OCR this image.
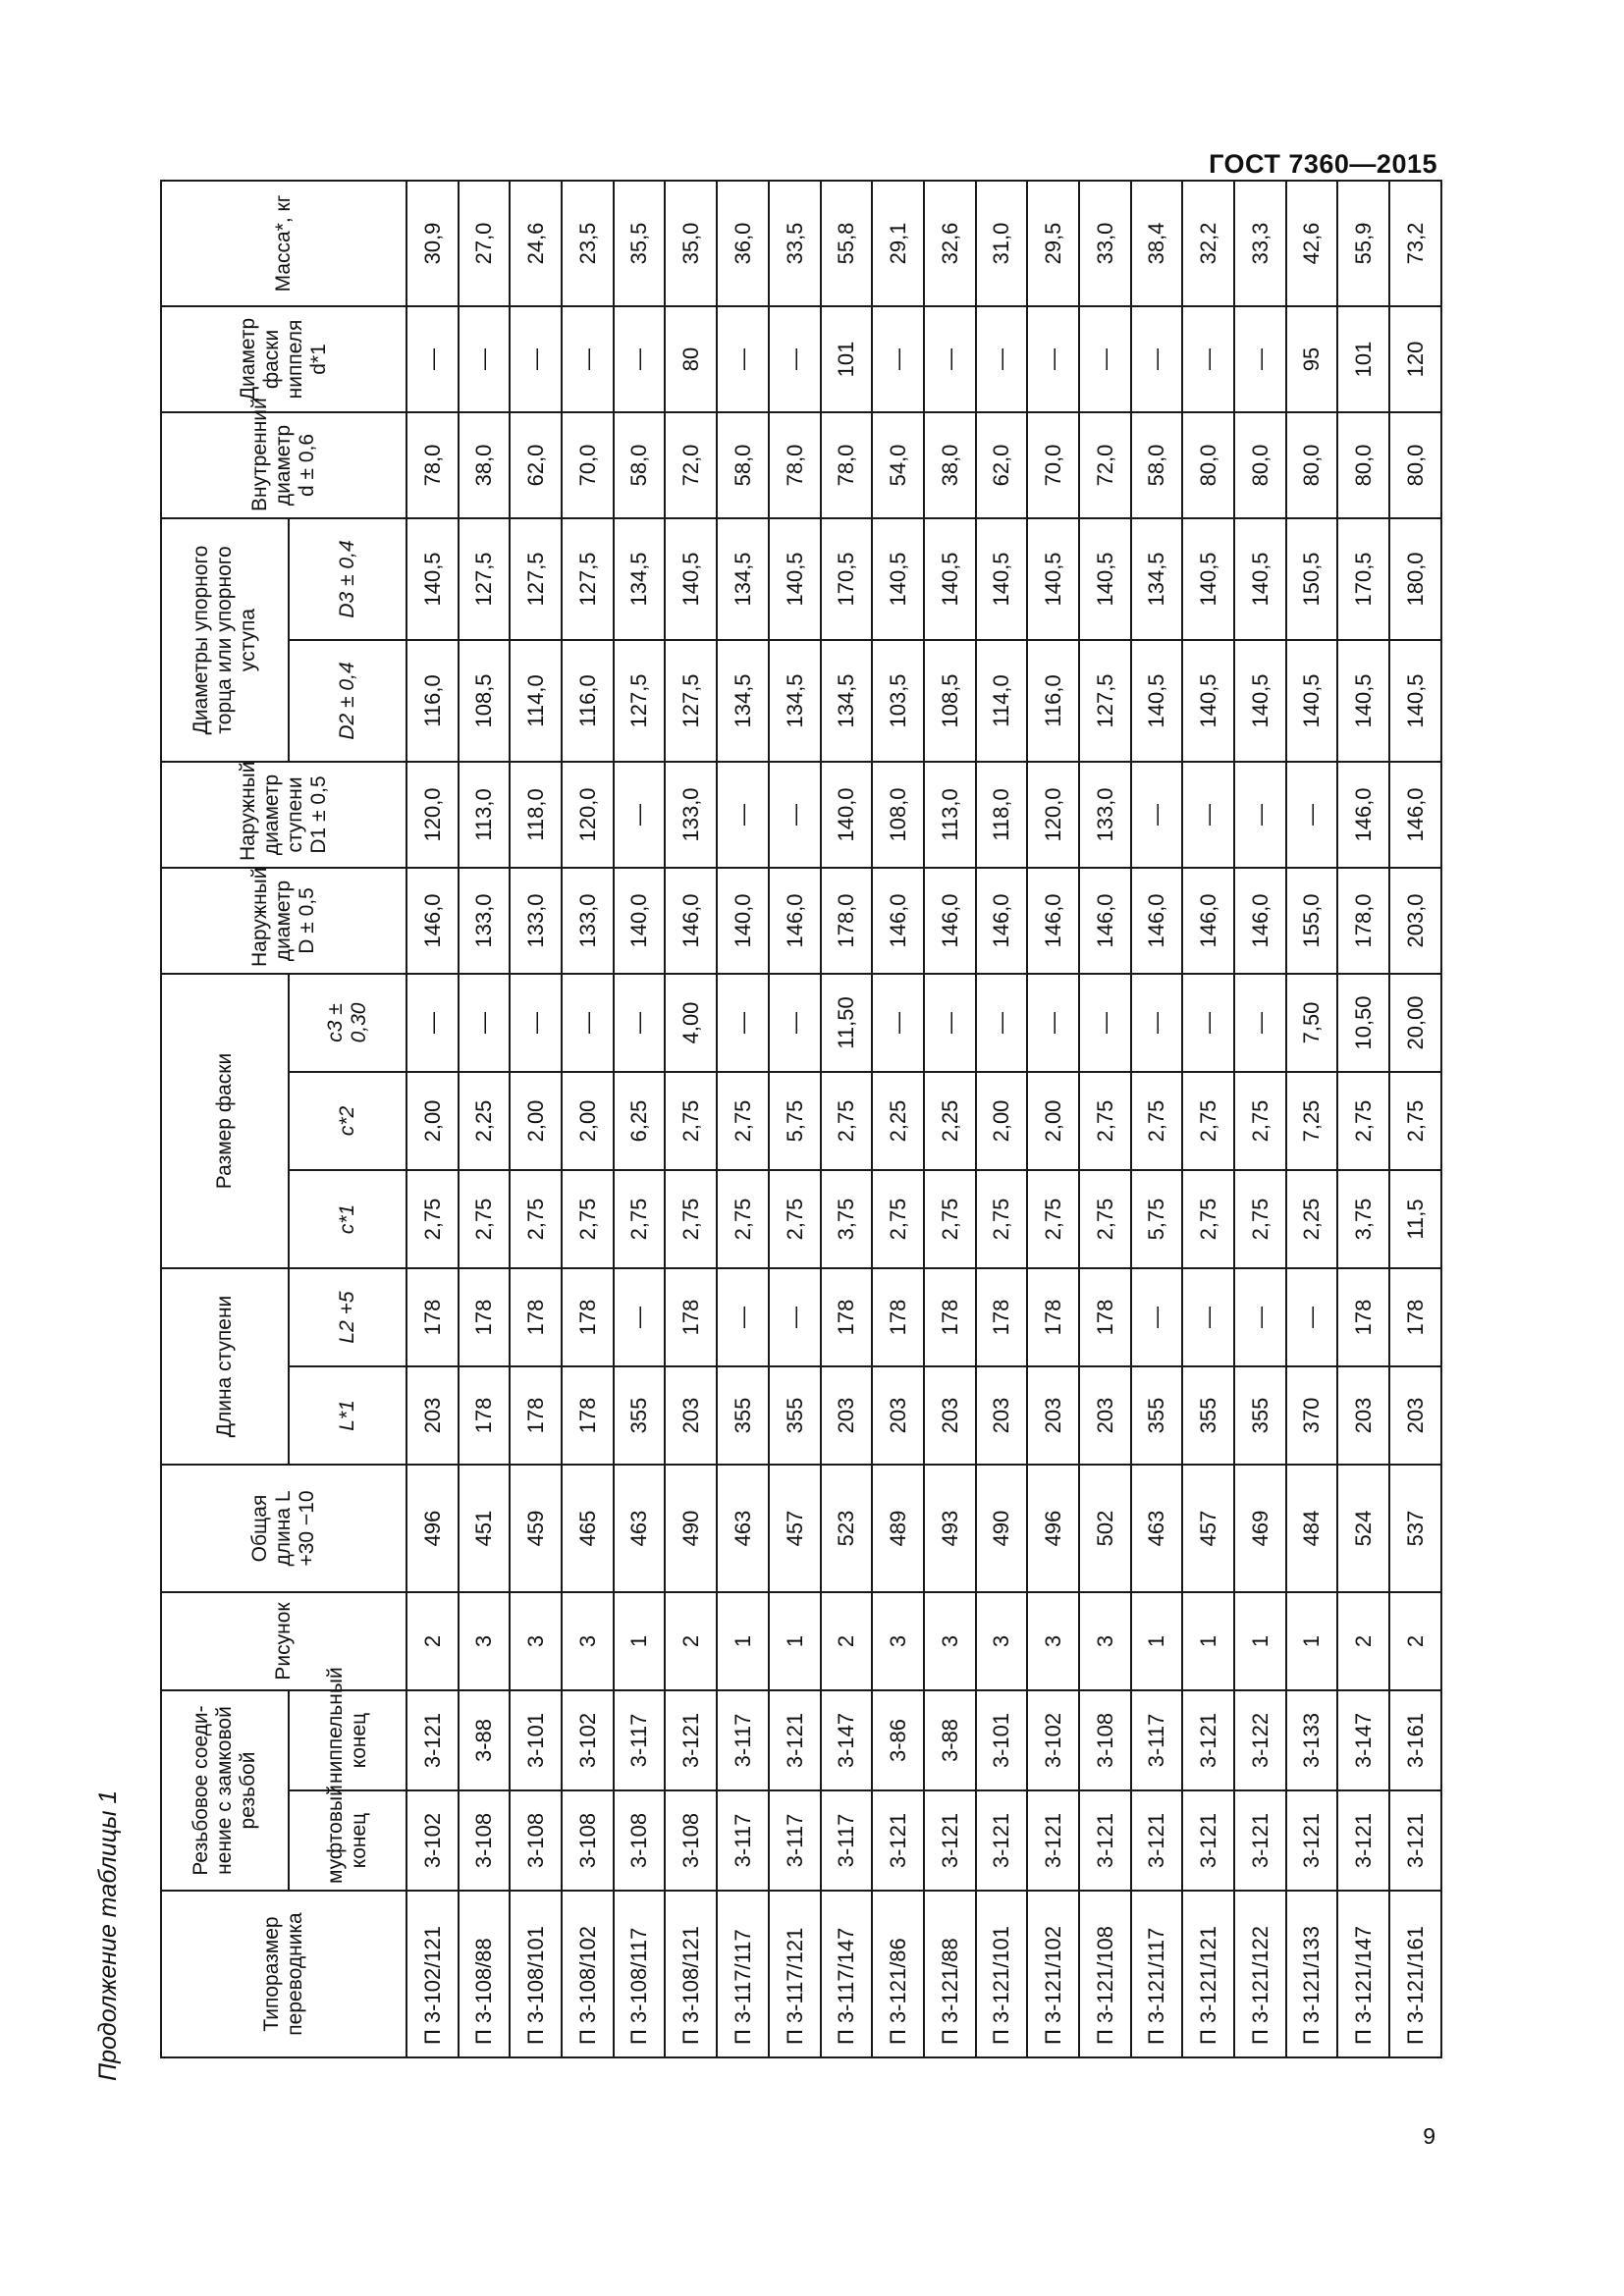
ГОСТ 7360—2015
Продолжение таблицы 1	Типоразмер переводника	Резьбовое соеди-нение с замковой резьбой		Рисунок	Общая длина L +30 −10	Длина ступени		Размер фаски			Наружный диаметр D ± 0,5	Наружный диаметр ступени D1 ± 0,5	Диаметры упорного торца или упорного уступа		Внутренний диаметр d ± 0,6	Диаметр фаски ниппеля d*1	Масса*, кг
	муфтовый конец	ниппельный конец			L*1	L2 +5	c*1	c*2	c3 ± 0,30			D2 ± 0,4	D3 ± 0,4			
П 3-102/121	3-102	3-121	2	496	203	178	2,75	2,00	—	146,0	120,0	116,0	140,5	78,0	—	30,9
П 3-108/88	3-108	3-88	3	451	178	178	2,75	2,25	—	133,0	113,0	108,5	127,5	38,0	—	27,0
П 3-108/101	3-108	3-101	3	459	178	178	2,75	2,00	—	133,0	118,0	114,0	127,5	62,0	—	24,6
П 3-108/102	3-108	3-102	3	465	178	178	2,75	2,00	—	133,0	120,0	116,0	127,5	70,0	—	23,5
П 3-108/117	3-108	3-117	1	463	355	—	2,75	6,25	—	140,0	—	127,5	134,5	58,0	—	35,5
П 3-108/121	3-108	3-121	2	490	203	178	2,75	2,75	4,00	146,0	133,0	127,5	140,5	72,0	80	35,0
П 3-117/117	3-117	3-117	1	463	355	—	2,75	2,75	—	140,0	—	134,5	134,5	58,0	—	36,0
П 3-117/121	3-117	3-121	1	457	355	—	2,75	5,75	—	146,0	—	134,5	140,5	78,0	—	33,5
П 3-117/147	3-117	3-147	2	523	203	178	3,75	2,75	11,50	178,0	140,0	134,5	170,5	78,0	101	55,8
П 3-121/86	3-121	3-86	3	489	203	178	2,75	2,25	—	146,0	108,0	103,5	140,5	54,0	—	29,1
П 3-121/88	3-121	3-88	3	493	203	178	2,75	2,25	—	146,0	113,0	108,5	140,5	38,0	—	32,6
П 3-121/101	3-121	3-101	3	490	203	178	2,75	2,00	—	146,0	118,0	114,0	140,5	62,0	—	31,0
П 3-121/102	3-121	3-102	3	496	203	178	2,75	2,00	—	146,0	120,0	116,0	140,5	70,0	—	29,5
П 3-121/108	3-121	3-108	3	502	203	178	2,75	2,75	—	146,0	133,0	127,5	140,5	72,0	—	33,0
П 3-121/117	3-121	3-117	1	463	355	—	5,75	2,75	—	146,0	—	140,5	134,5	58,0	—	38,4
П 3-121/121	3-121	3-121	1	457	355	—	2,75	2,75	—	146,0	—	140,5	140,5	80,0	—	32,2
П 3-121/122	3-121	3-122	1	469	355	—	2,75	2,75	—	146,0	—	140,5	140,5	80,0	—	33,3
П 3-121/133	3-121	3-133	1	484	370	—	2,25	7,25	7,50	155,0	—	140,5	150,5	80,0	95	42,6
П 3-121/147	3-121	3-147	2	524	203	178	3,75	2,75	10,50	178,0	146,0	140,5	170,5	80,0	101	55,9
П 3-121/161	3-121	3-161	2	537	203	178	11,5	2,75	20,00	203,0	146,0	140,5	180,0	80,0	120	73,2
9
